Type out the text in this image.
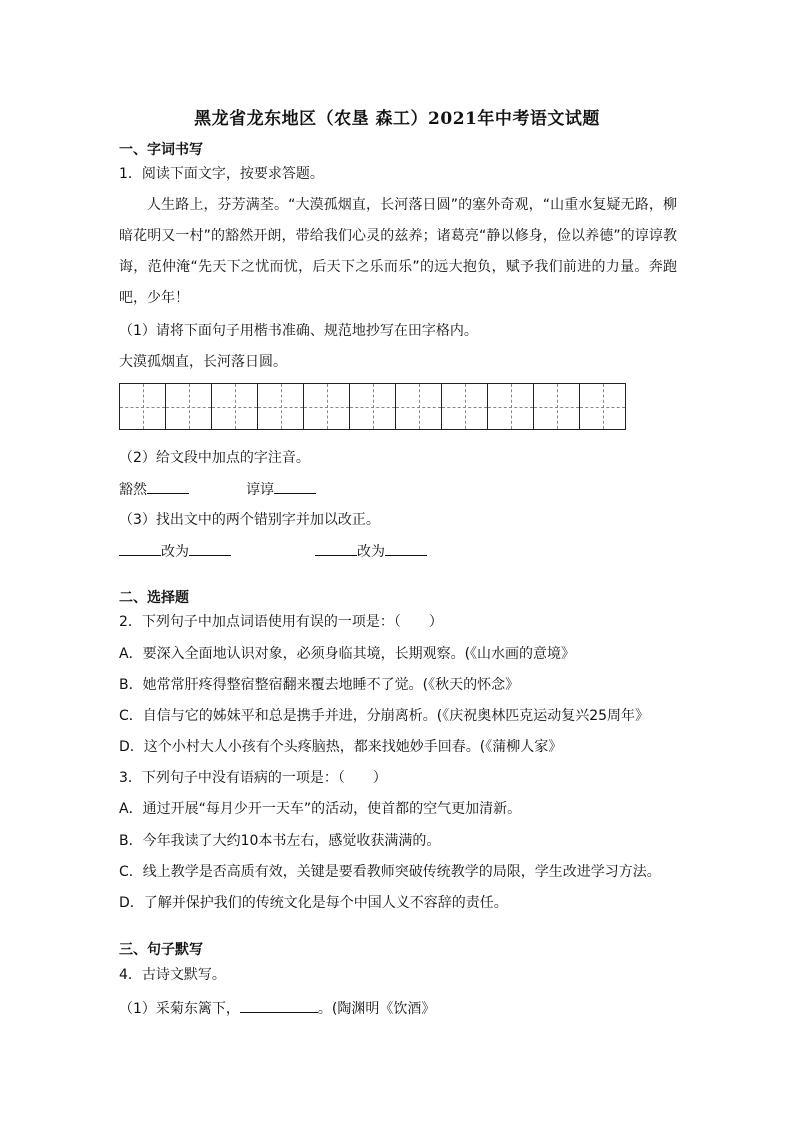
黑龙省龙东地区（农垦 森工）2021年中考语文试题
一、字词书写
1．阅读下面文字，按要求答题。
人生路上，芬芳满荃。“大漠孤烟直，长河落日圆”的塞外奇观，“山重水复疑无路，柳暗花明又一村”的豁然开朗，带给我们心灵的兹养；诸葛亮“静以修身，俭以养德”的谆谆教诲，范仲淹“先天下之忧而忧，后天下之乐而乐”的远大抱负，赋予我们前进的力量。奔跑吧，少年！
（1）请将下面句子用楷书准确、规范地抄写在田字格内。
大漠孤烟直，长河落日圆。
（2）给文段中加点的字注音。
豁然	谆谆
（3）找出文中的两个错别字并加以改正。
改为	改为
二、选择题
2．下列句子中加点词语使用有误的一项是：（　　）
A．要深入全面地认识对象，必须身临其境，长期观察。(《山水画的意境》
B．她常常肝疼得整宿整宿翻来覆去地睡不了觉。(《秋天的怀念》
C．自信与它的姊妹平和总是携手并进，分崩离析。(《庆祝奥林匹克运动复兴25周年》
D．这个小村大人小孩有个头疼脑热，都来找她妙手回春。(《蒲柳人家》
3．下列句子中没有语病的一项是：（　　）
A．通过开展“每月少开一天车”的活动，使首都的空气更加清新。
B．今年我读了大约10本书左右，感觉收获满满的。
C．线上教学是否高质有效，关键是要看教师突破传统教学的局限，学生改进学习方法。
D．了解并保护我们的传统文化是每个中国人义不容辞的责任。
三、句子默写
4．古诗文默写。
（1）采菊东篱下，	。(陶渊明《饮酒》
